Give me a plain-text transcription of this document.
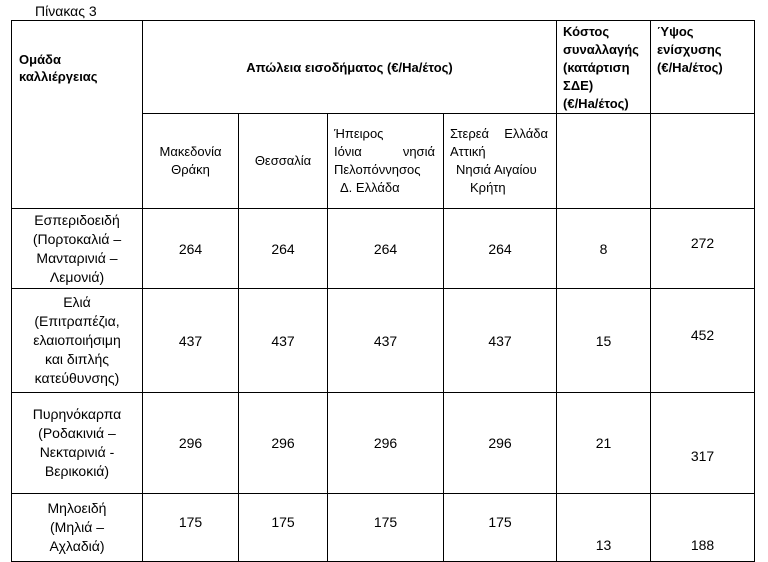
Πίνακας 3
Ομάδα
καλλιέργειας	Απώλεια εισοδήματος (€/Ha/έτος)				Κόστος
συναλλαγής
(κατάρτιση
ΣΔΕ)
(€/Ha/έτος)	Ύψος
ενίσχυσης
(€/Ha/έτος)

	Μακεδονία
Θράκη	Θεσσαλία	Ήπειρος
Ιόνια νησιά
Πελοπόννησος
Δ. Ελλάδα	Στερεά Ελλάδα
Αττική
Νησιά Αιγαίου
Κρήτη		

Εσπεριδοειδή
(Πορτοκαλιά –
Μανταρινιά –
Λεμονιά)	264	264	264	264	8	272

Ελιά
(Επιτραπέζια,
ελαιοποιήσιμη
και διπλής
κατεύθυνσης)	437	437	437	437	15	452

Πυρηνόκαρπα
(Ροδακινιά –
Νεκταρινιά -
Βερικοκιά)	296	296	296	296	21	317

Μηλοειδή
(Μηλιά –
Αχλαδιά)	175	175	175	175	13	188
